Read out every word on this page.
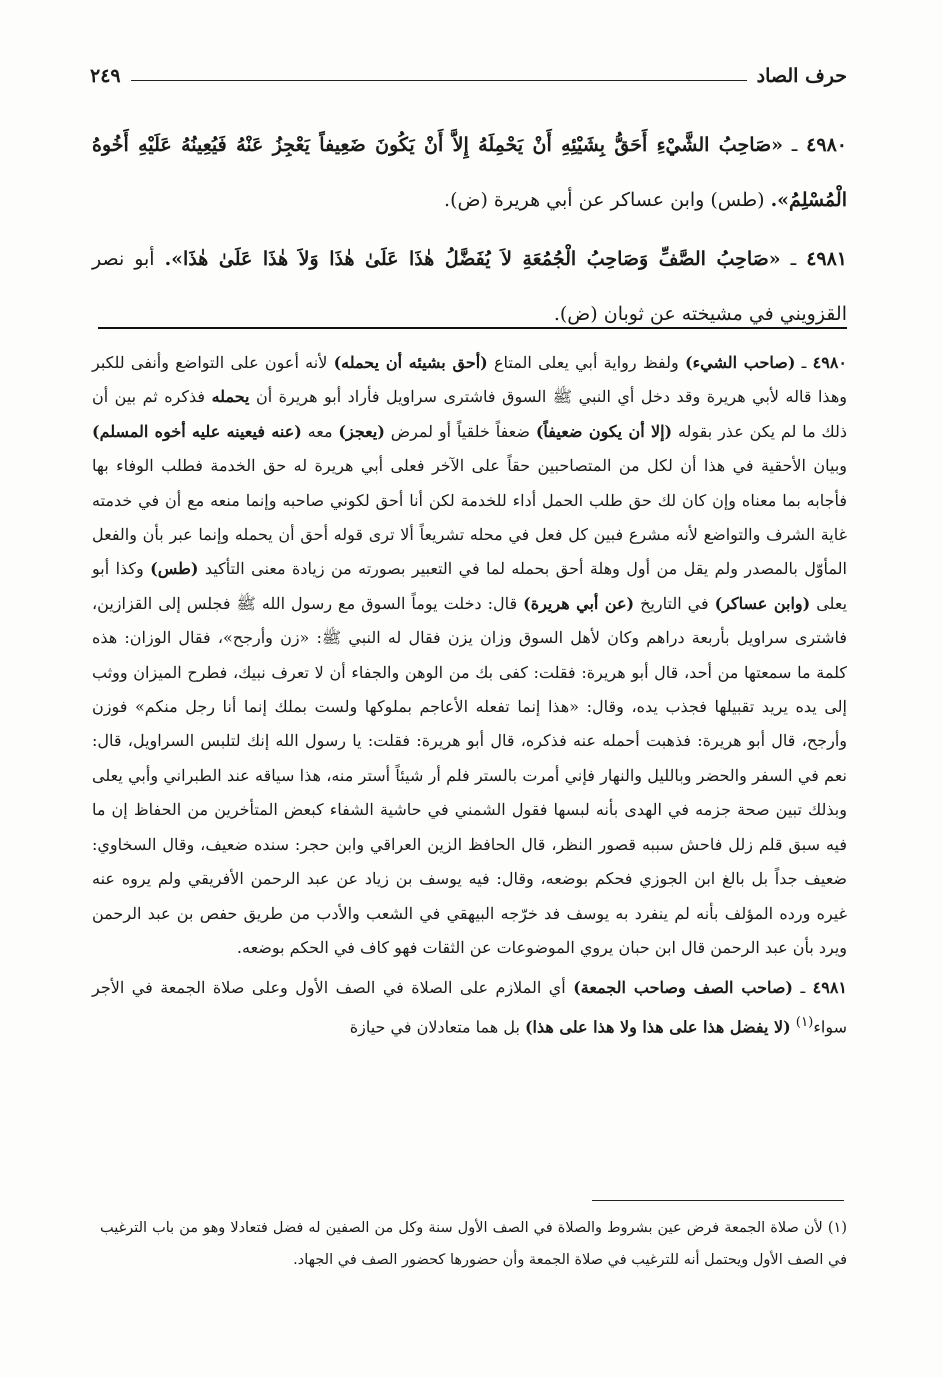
حرف الصاد
٢٤٩

٤٩٨٠ ـ «صَاحِبُ الشَّيْءِ أَحَقُّ بِشَيْئِهِ أَنْ يَحْمِلَهُ إِلاَّ أَنْ يَكُونَ ضَعِيفاً يَعْجِزُ عَنْهُ فَيُعِينُهُ عَلَيْهِ أَخُوهُ الْمُسْلِمُ». (طس) وابن عساكر عن أبي هريرة (ض).

٤٩٨١ ـ «صَاحِبُ الصَّفِّ وَصَاحِبُ الْجُمُعَةِ لاَ يُفَضَّلُ هٰذَا عَلَىٰ هٰذَا وَلاَ هٰذَا عَلَىٰ هٰذَا». أبو نصر القزويني في مشيخته عن ثوبان (ض).

٤٩٨٠ ـ (صاحب الشيء) ولفظ رواية أبي يعلى المتاع (أحق بشيئه أن يحمله) لأنه أعون على التواضع وأنفى للكبر وهذا قاله لأبي هريرة وقد دخل أي النبي ﷺ السوق فاشترى سراويل فأراد أبو هريرة أن يحمله فذكره ثم بين أن ذلك ما لم يكن عذر بقوله (إلا أن يكون ضعيفاً) ضعفاً خلقياً أو لمرض (يعجز) معه (عنه فيعينه عليه أخوه المسلم) وبيان الأحقية في هذا أن لكل من المتصاحبين حقاً على الآخر فعلى أبي هريرة له حق الخدمة فطلب الوفاء بها فأجابه بما معناه وإن كان لك حق طلب الحمل أداء للخدمة لكن أنا أحق لكوني صاحبه وإنما منعه مع أن في خدمته غاية الشرف والتواضع لأنه مشرع فبين كل فعل في محله تشريعاً ألا ترى قوله أحق أن يحمله وإنما عبر بأن والفعل المأوّل بالمصدر ولم يقل من أول وهلة أحق بحمله لما في التعبير بصورته من زيادة معنى التأكيد (طس) وكذا أبو يعلى (وابن عساكر) في التاريخ (عن أبي هريرة) قال: دخلت يوماً السوق مع رسول الله ﷺ فجلس إلى القزازين، فاشترى سراويل بأربعة دراهم وكان لأهل السوق وزان يزن فقال له النبي ﷺ: «زن وأرجح»، فقال الوزان: هذه كلمة ما سمعتها من أحد، قال أبو هريرة: فقلت: كفى بك من الوهن والجفاء أن لا تعرف نبيك، فطرح الميزان ووثب إلى يده يريد تقبيلها فجذب يده، وقال: «هذا إنما تفعله الأعاجم بملوكها ولست بملك إنما أنا رجل منكم» فوزن وأرجح، قال أبو هريرة: فذهبت أحمله عنه فذكره، قال أبو هريرة: فقلت: يا رسول الله إنك لتلبس السراويل، قال: نعم في السفر والحضر وبالليل والنهار فإني أمرت بالستر فلم أر شيئاً أستر منه، هذا سياقه عند الطبراني وأبي يعلى وبذلك تبين صحة جزمه في الهدى بأنه لبسها فقول الشمني في حاشية الشفاء كبعض المتأخرين من الحفاظ إن ما فيه سبق قلم زلل فاحش سببه قصور النظر، قال الحافظ الزين العراقي وابن حجر: سنده ضعيف، وقال السخاوي: ضعيف جداً بل بالغ ابن الجوزي فحكم بوضعه، وقال: فيه يوسف بن زياد عن عبد الرحمن الأفريقي ولم يروه عنه غيره ورده المؤلف بأنه لم ينفرد به يوسف فد خرّجه البيهقي في الشعب والأدب من طريق حفص بن عبد الرحمن ويرد بأن عبد الرحمن قال ابن حبان يروي الموضوعات عن الثقات فهو كاف في الحكم بوضعه.

٤٩٨١ ـ (صاحب الصف وصاحب الجمعة) أي الملازم على الصلاة في الصف الأول وعلى صلاة الجمعة في الأجر سواء$^{(١)}$ (لا يفضل هذا على هذا ولا هذا على هذا) بل هما متعادلان في حيازة

(١) لأن صلاة الجمعة فرض عين بشروط والصلاة في الصف الأول سنة وكل من الصفين له فضل فتعادلا وهو من باب الترغيب في الصف الأول ويحتمل أنه للترغيب في صلاة الجمعة وأن حضورها كحضور الصف في الجهاد.
